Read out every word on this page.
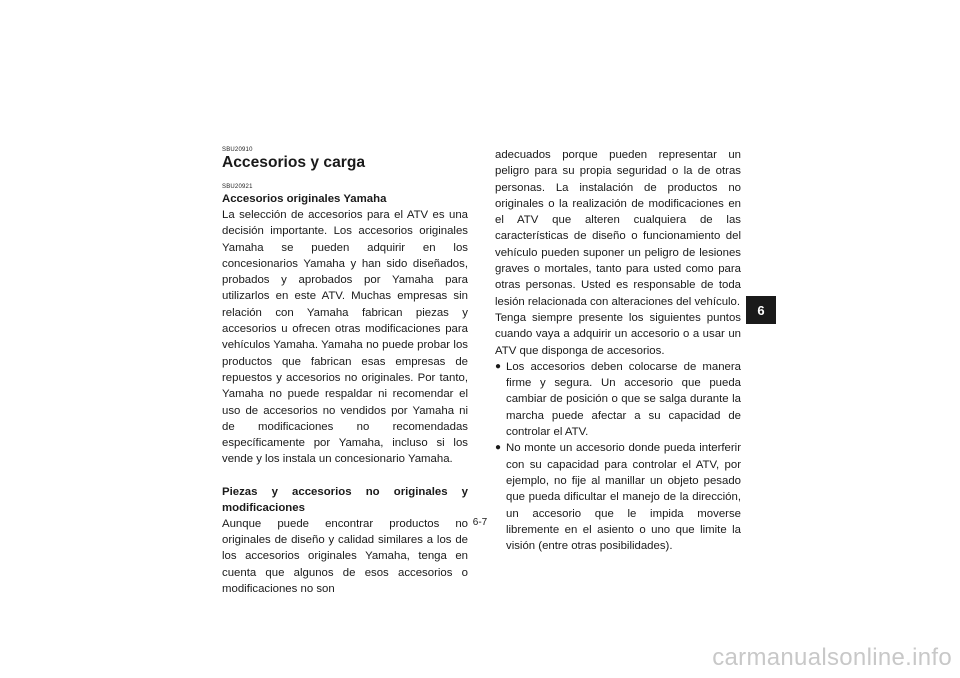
SBU20910
Accesorios y carga
SBU20921
Accesorios originales Yamaha

La selección de accesorios para el ATV es una decisión importante. Los accesorios originales Yamaha se pueden adquirir en los concesionarios Yamaha y han sido diseñados, probados y aprobados por Yamaha para utilizarlos en este ATV. Muchas empresas sin relación con Yamaha fabrican piezas y accesorios u ofrecen otras modificaciones para vehículos Yamaha. Yamaha no puede probar los productos que fabrican esas empresas de repuestos y accesorios no originales. Por tanto, Yamaha no puede respaldar ni recomendar el uso de accesorios no vendidos por Yamaha ni de modificaciones no recomendadas específicamente por Yamaha, incluso si los vende y los instala un concesionario Yamaha.

Piezas y accesorios no originales y modificaciones

Aunque puede encontrar productos no originales de diseño y calidad similares a los de los accesorios originales Yamaha, tenga en cuenta que algunos de esos accesorios o modificaciones no son

adecuados porque pueden representar un peligro para su propia seguridad o la de otras personas. La instalación de productos no originales o la realización de modificaciones en el ATV que alteren cualquiera de las características de diseño o funcionamiento del vehículo pueden suponer un peligro de lesiones graves o mortales, tanto para usted como para otras personas. Usted es responsable de toda lesión relacionada con alteraciones del vehículo.

Tenga siempre presente los siguientes puntos cuando vaya a adquirir un accesorio o a usar un ATV que disponga de accesorios.

● Los accesorios deben colocarse de manera firme y segura. Un accesorio que pueda cambiar de posición o que se salga durante la marcha puede afectar a su capacidad de controlar el ATV.
● No monte un accesorio donde pueda interferir con su capacidad para controlar el ATV, por ejemplo, no fije al manillar un objeto pesado que pueda dificultar el manejo de la dirección, un accesorio que le impida moverse libremente en el asiento o uno que limite la visión (entre otras posibilidades).
6-7
6
carmanualsonline.info
